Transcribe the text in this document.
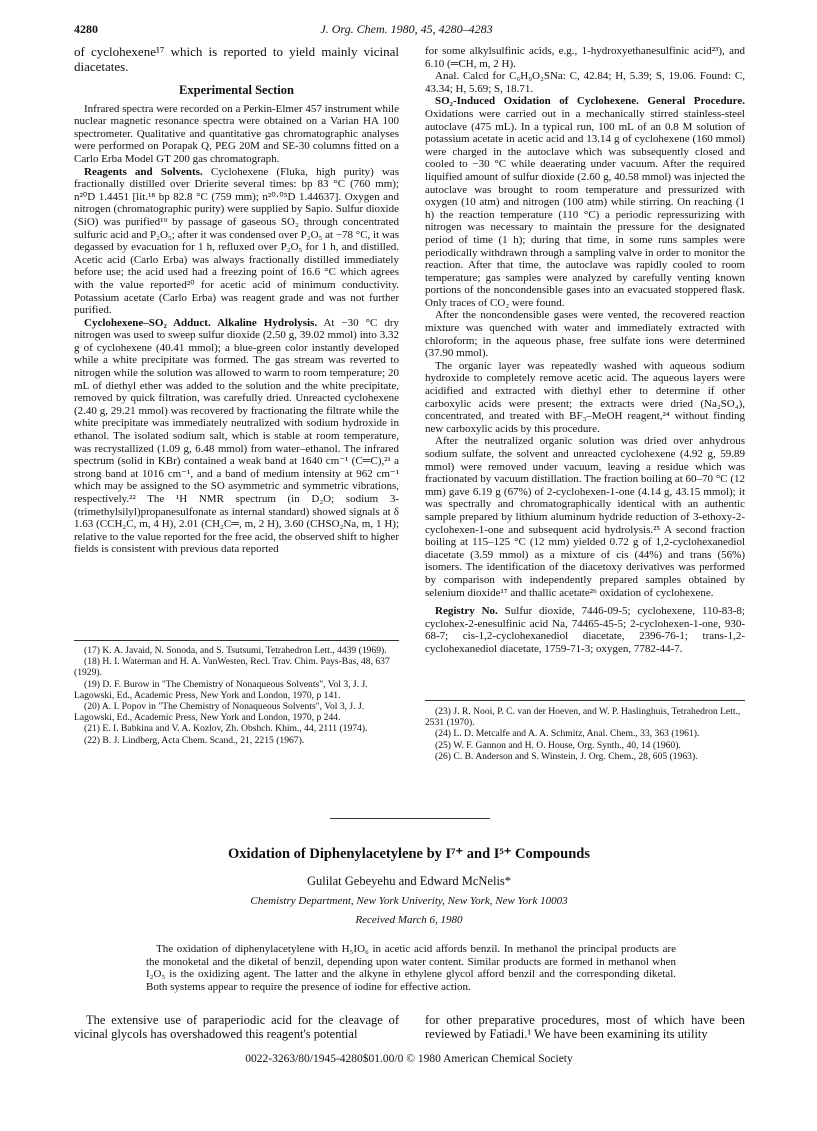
4280	J. Org. Chem. 1980, 45, 4280–4283

of cyclohexene¹⁷ which is reported to yield mainly vicinal diacetates.

Experimental Section

Infrared spectra were recorded on a Perkin-Elmer 457 instrument while nuclear magnetic resonance spectra were obtained on a Varian HA 100 spectrometer. Qualitative and quantitative gas chromatographic analyses were performed on Porapak Q, PEG 20M and SE-30 columns fitted on a Carlo Erba Model GT 200 gas chromatograph.

Reagents and Solvents. Cyclohexene (Fluka, high purity) was fractionally distilled over Drierite several times: bp 83 °C (760 mm); n²⁰D 1.4451 [lit.¹⁸ bp 82.8 °C (759 mm); n²⁰·⁰⁵D 1.44637]. Oxygen and nitrogen (chromatographic purity) were supplied by Sapio. Sulfur dioxide (SiO) was purified¹⁹ by passage of gaseous SO₂ through concentrated sulfuric acid and P₂O₅; after it was condensed over P₂O₅ at −78 °C, it was degassed by evacuation for 1 h, refluxed over P₂O₅ for 1 h, and distilled. Acetic acid (Carlo Erba) was always fractionally distilled immediately before use; the acid used had a freezing point of 16.6 °C which agrees with the value reported²⁰ for acetic acid of minimum conductivity. Potassium acetate (Carlo Erba) was reagent grade and was not further purified.

Cyclohexene–SO₂ Adduct. Alkaline Hydrolysis. At −30 °C dry nitrogen was used to sweep sulfur dioxide (2.50 g, 39.02 mmol) into 3.32 g of cyclohexene (40.41 mmol); a blue-green color instantly developed while a white precipitate was formed. The gas stream was reverted to nitrogen while the solution was allowed to warm to room temperature; 20 mL of diethyl ether was added to the solution and the white precipitate, removed by quick filtration, was carefully dried. Unreacted cyclohexene (2.40 g, 29.21 mmol) was recovered by fractionating the filtrate while the white precipitate was immediately neutralized with sodium hydroxide in ethanol. The isolated sodium salt, which is stable at room temperature, was recrystallized (1.09 g, 6.48 mmol) from water–ethanol. The infrared spectrum (solid in KBr) contained a weak band at 1640 cm⁻¹ (C═C),²¹ a strong band at 1016 cm⁻¹, and a band of medium intensity at 962 cm⁻¹ which may be assigned to the SO asymmetric and symmetric vibrations, respectively.²² The ¹H NMR spectrum (in D₂O; sodium 3-(trimethylsilyl)propanesulfonate as internal standard) showed signals at δ 1.63 (CCH₂C, m, 4 H), 2.01 (CH₂C═, m, 2 H), 3.60 (CHSO₂Na, m, 1 H); relative to the value reported for the free acid, the observed shift to higher fields is consistent with previous data reported

for some alkylsulfinic acids, e.g., 1-hydroxyethanesulfinic acid²³), and 6.10 (═CH, m, 2 H).

Anal. Calcd for C₆H₉O₂SNa: C, 42.84; H, 5.39; S, 19.06. Found: C, 43.34; H, 5.69; S, 18.71.

SO₂-Induced Oxidation of Cyclohexene. General Procedure. Oxidations were carried out in a mechanically stirred stainless-steel autoclave (475 mL). In a typical run, 100 mL of an 0.8 M solution of potassium acetate in acetic acid and 13.14 g of cyclohexene (160 mmol) were charged in the autoclave which was subsequently closed and cooled to −30 °C while deaerating under vacuum. After the required liquified amount of sulfur dioxide (2.60 g, 40.58 mmol) was injected the autoclave was brought to room temperature and pressurized with oxygen (10 atm) and nitrogen (100 atm) while stirring. On reaching (1 h) the reaction temperature (110 °C) a periodic repressurizing with nitrogen was necessary to maintain the pressure for the designated period of time (1 h); during that time, in some runs samples were periodically withdrawn through a sampling valve in order to monitor the reaction. After that time, the autoclave was rapidly cooled to room temperature; gas samples were analyzed by carefully venting known portions of the noncondensible gases into an evacuated stoppered flask. Only traces of CO₂ were found.

After the noncondensible gases were vented, the recovered reaction mixture was quenched with water and immediately extracted with chloroform; in the aqueous phase, free sulfate ions were determined (37.90 mmol).

The organic layer was repeatedly washed with aqueous sodium hydroxide to completely remove acetic acid. The aqueous layers were acidified and extracted with diethyl ether to determine if other carboxylic acids were present; the extracts were dried (Na₂SO₄), concentrated, and treated with BF₃–MeOH reagent,²⁴ without finding new carboxylic acids by this procedure.

After the neutralized organic solution was dried over anhydrous sodium sulfate, the solvent and unreacted cyclohexene (4.92 g, 59.89 mmol) were removed under vacuum, leaving a residue which was fractionated by vacuum distillation. The fraction boiling at 60–70 °C (12 mm) gave 6.19 g (67%) of 2-cyclohexen-1-one (4.14 g, 43.15 mmol); it was spectrally and chromatographically identical with an authentic sample prepared by lithium aluminum hydride reduction of 3-ethoxy-2-cyclohexen-1-one and subsequent acid hydrolysis.²⁵ A second fraction boiling at 115–125 °C (12 mm) yielded 0.72 g of 1,2-cyclohexanediol diacetate (3.59 mmol) as a mixture of cis (44%) and trans (56%) isomers. The identification of the diacetoxy derivatives was performed by comparison with independently prepared samples obtained by selenium dioxide¹⁷ and thallic acetate²⁶ oxidation of cyclohexene.

Registry No. Sulfur dioxide, 7446-09-5; cyclohexene, 110-83-8; cyclohex-2-enesulfinic acid Na, 74465-45-5; 2-cyclohexen-1-one, 930-68-7; cis-1,2-cyclohexanediol diacetate, 2396-76-1; trans-1,2-cyclohexanediol diacetate, 1759-71-3; oxygen, 7782-44-7.

(17) K. A. Javaid, N. Sonoda, and S. Tsutsumi, Tetrahedron Lett., 4439 (1969).

(18) H. I. Waterman and H. A. VanWesten, Recl. Trav. Chim. Pays-Bas, 48, 637 (1929).

(19) D. F. Burow in "The Chemistry of Nonaqueous Solvents", Vol 3, J. J. Lagowski, Ed., Academic Press, New York and London, 1970, p 141.

(20) A. I. Popov in "The Chemistry of Nonaqueous Solvents", Vol 3, J. J. Lagowski, Ed., Academic Press, New York and London, 1970, p 244.

(21) E. I. Babkina and V. A. Kozlov, Zh. Obshch. Khim., 44, 2111 (1974).

(22) B. J. Lindberg, Acta Chem. Scand., 21, 2215 (1967).

(23) J. R. Nooi, P. C. van der Hoeven, and W. P. Haslinghuis, Tetrahedron Lett., 2531 (1970).

(24) L. D. Metcalfe and A. A. Schmitz, Anal. Chem., 33, 363 (1961).

(25) W. F. Gannon and H. O. House, Org. Synth., 40, 14 (1960).

(26) C. B. Anderson and S. Winstein, J. Org. Chem., 28, 605 (1963).

Oxidation of Diphenylacetylene by I⁷⁺ and I⁵⁺ Compounds
Gulilat Gebeyehu and Edward McNelis*
Chemistry Department, New York Univerity, New York, New York 10003
Received March 6, 1980
The oxidation of diphenylacetylene with H₅IO₆ in acetic acid affords benzil. In methanol the principal products are the monoketal and the diketal of benzil, depending upon water content. Similar products are formed in methanol when I₂O₅ is the oxidizing agent. The latter and the alkyne in ethylene glycol afford benzil and the corresponding diketal. Both systems appear to require the presence of iodine for effective action.
The extensive use of paraperiodic acid for the cleavage of vicinal glycols has overshadowed this reagent's potential
for other preparative procedures, most of which have been reviewed by Fatiadi.¹ We have been examining its utility
0022-3263/80/1945-4280$01.00/0 © 1980 American Chemical Society
